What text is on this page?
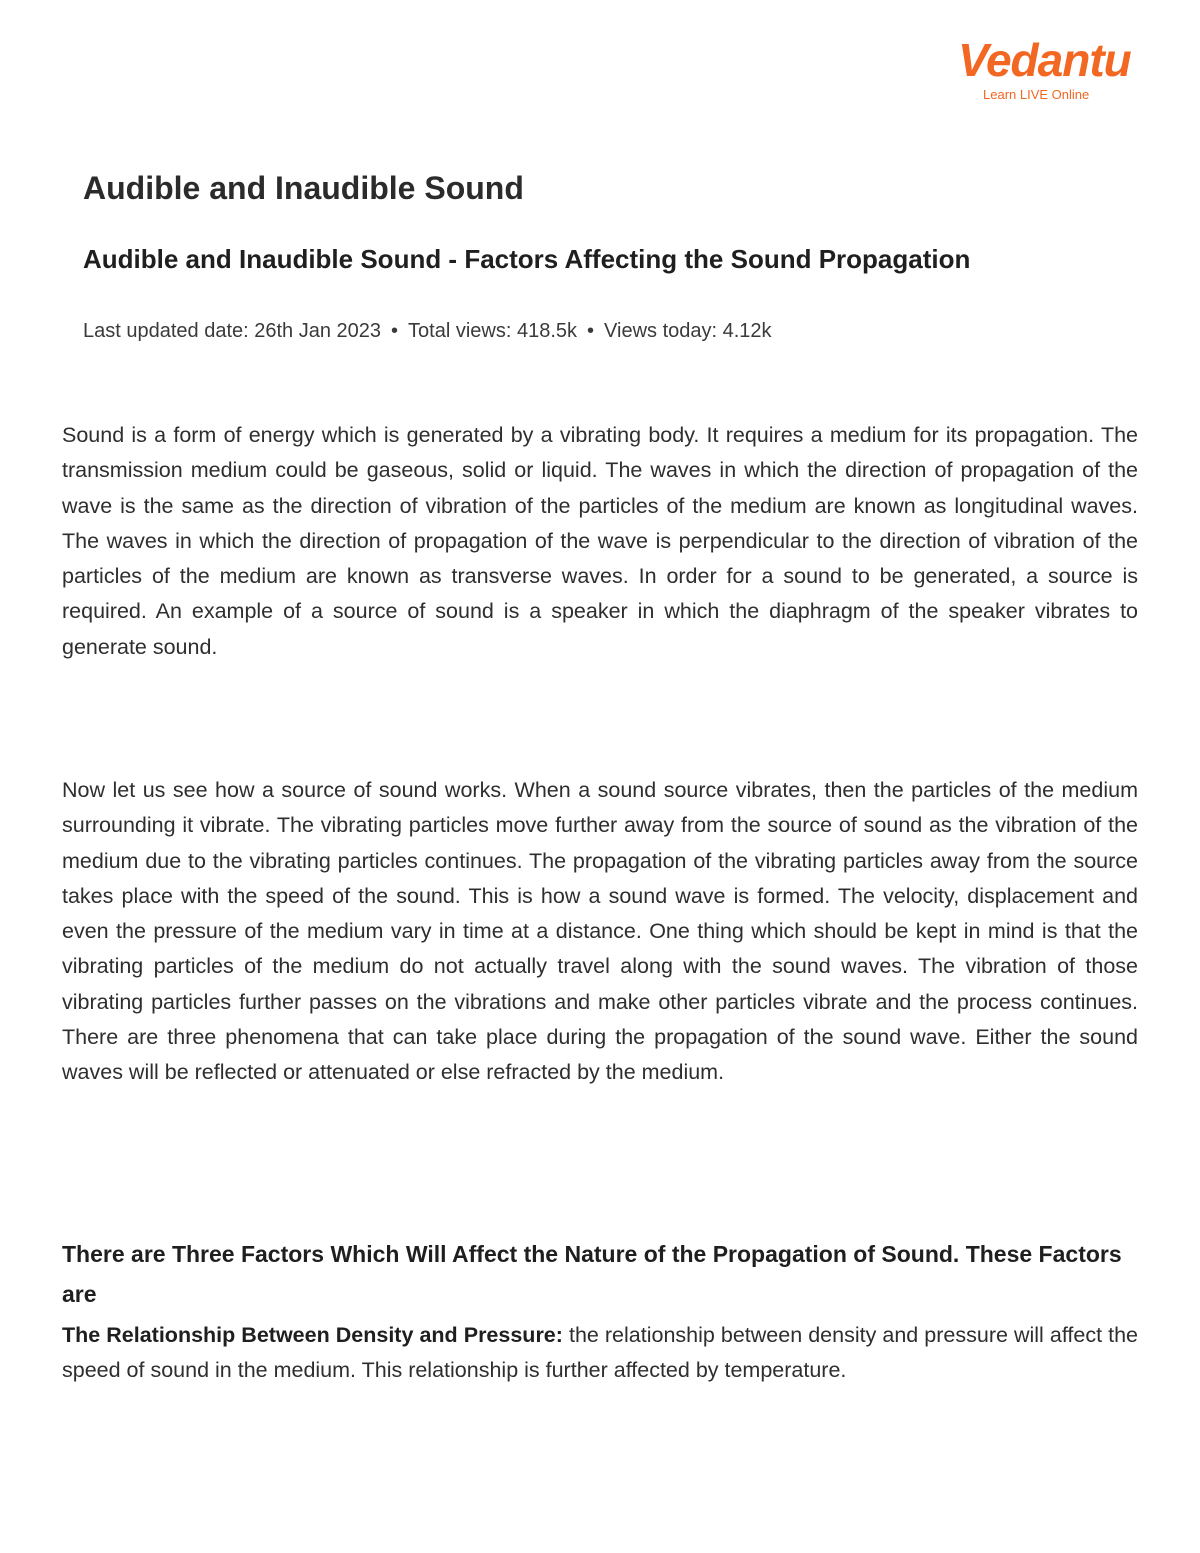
Vedantu
Learn LIVE Online
Audible and Inaudible Sound
Audible and Inaudible Sound - Factors Affecting the Sound Propagation
Last updated date: 26th Jan 2023 • Total views: 418.5k • Views today: 4.12k

Sound is a form of energy which is generated by a vibrating body. It requires a medium for its propagation. The transmission medium could be gaseous, solid or liquid. The waves in which the direction of propagation of the wave is the same as the direction of vibration of the particles of the medium are known as longitudinal waves. The waves in which the direction of propagation of the wave is perpendicular to the direction of vibration of the particles of the medium are known as transverse waves. In order for a sound to be generated, a source is required. An example of a source of sound is a speaker in which the diaphragm of the speaker vibrates to generate sound.

Now let us see how a source of sound works. When a sound source vibrates, then the particles of the medium surrounding it vibrate. The vibrating particles move further away from the source of sound as the vibration of the medium due to the vibrating particles continues. The propagation of the vibrating particles away from the source takes place with the speed of the sound. This is how a sound wave is formed. The velocity, displacement and even the pressure of the medium vary in time at a distance. One thing which should be kept in mind is that the vibrating particles of the medium do not actually travel along with the sound waves. The vibration of those vibrating particles further passes on the vibrations and make other particles vibrate and the process continues. There are three phenomena that can take place during the propagation of the sound wave. Either the sound waves will be reflected or attenuated or else refracted by the medium.

There are Three Factors Which Will Affect the Nature of the Propagation of Sound. These Factors are

The Relationship Between Density and Pressure: the relationship between density and pressure will affect the speed of sound in the medium. This relationship is further affected by temperature.
